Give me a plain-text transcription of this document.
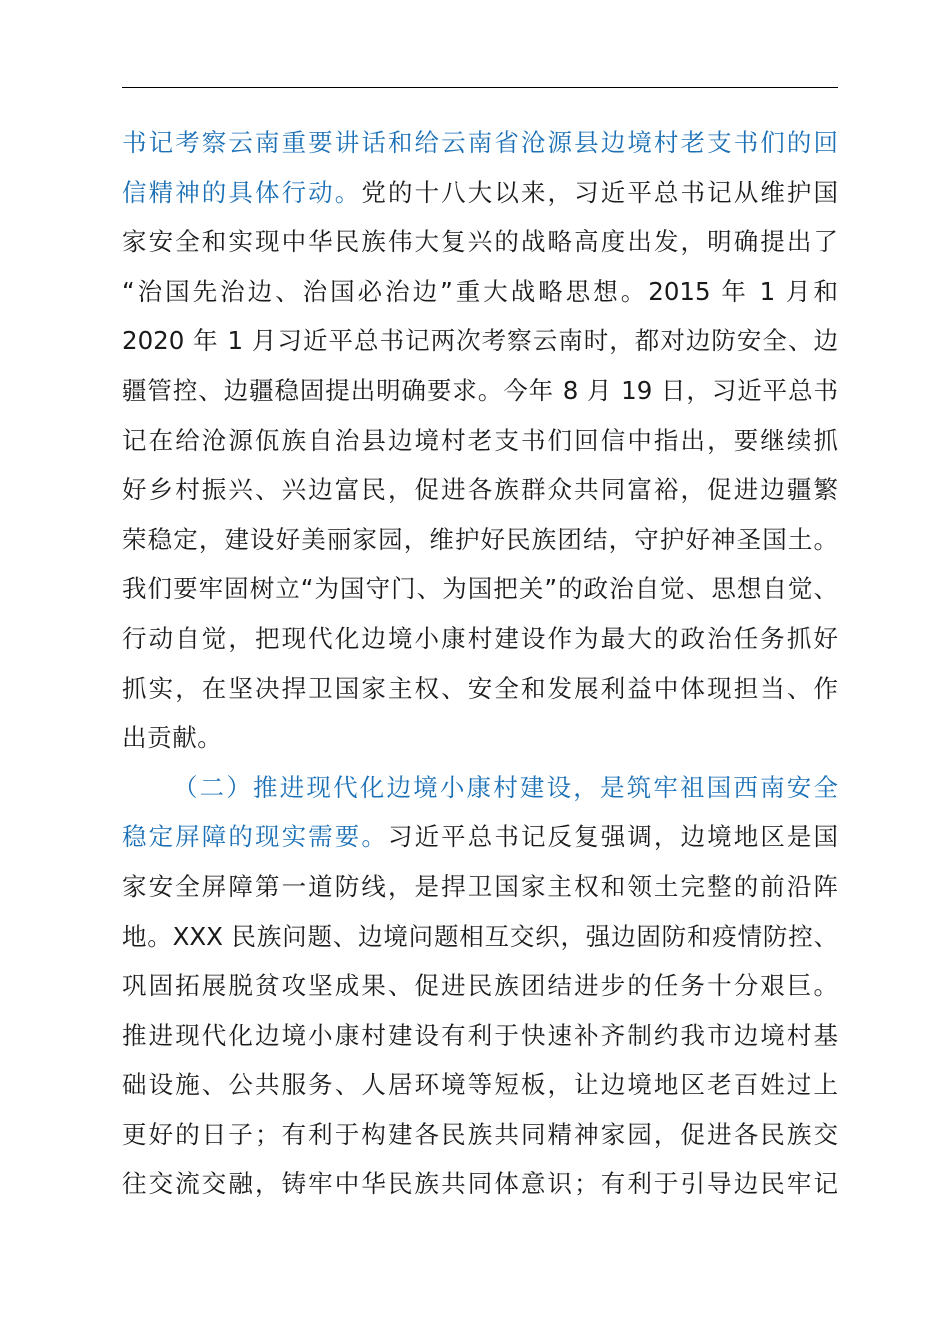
书记考察云南重要讲话和给云南省沧源县边境村老支书们的回
信精神的具体行动。党的十八大以来，习近平总书记从维护国
家安全和实现中华民族伟大复兴的战略高度出发，明确提出了
“治国先治边、治国必治边”重大战略思想。2015 年 1 月和
2020 年 1 月习近平总书记两次考察云南时，都对边防安全、边
疆管控、边疆稳固提出明确要求。今年 8 月 19 日，习近平总书
记在给沧源佤族自治县边境村老支书们回信中指出，要继续抓
好乡村振兴、兴边富民，促进各族群众共同富裕，促进边疆繁
荣稳定，建设好美丽家园，维护好民族团结，守护好神圣国土。
我们要牢固树立“为国守门、为国把关”的政治自觉、思想自觉、
行动自觉，把现代化边境小康村建设作为最大的政治任务抓好
抓实，在坚决捍卫国家主权、安全和发展利益中体现担当、作
出贡献。
（二）推进现代化边境小康村建设，是筑牢祖国西南安全
稳定屏障的现实需要。习近平总书记反复强调，边境地区是国
家安全屏障第一道防线，是捍卫国家主权和领土完整的前沿阵
地。XXX 民族问题、边境问题相互交织，强边固防和疫情防控、
巩固拓展脱贫攻坚成果、促进民族团结进步的任务十分艰巨。
推进现代化边境小康村建设有利于快速补齐制约我市边境村基
础设施、公共服务、人居环境等短板，让边境地区老百姓过上
更好的日子；有利于构建各民族共同精神家园，促进各民族交
往交流交融，铸牢中华民族共同体意识；有利于引导边民牢记
